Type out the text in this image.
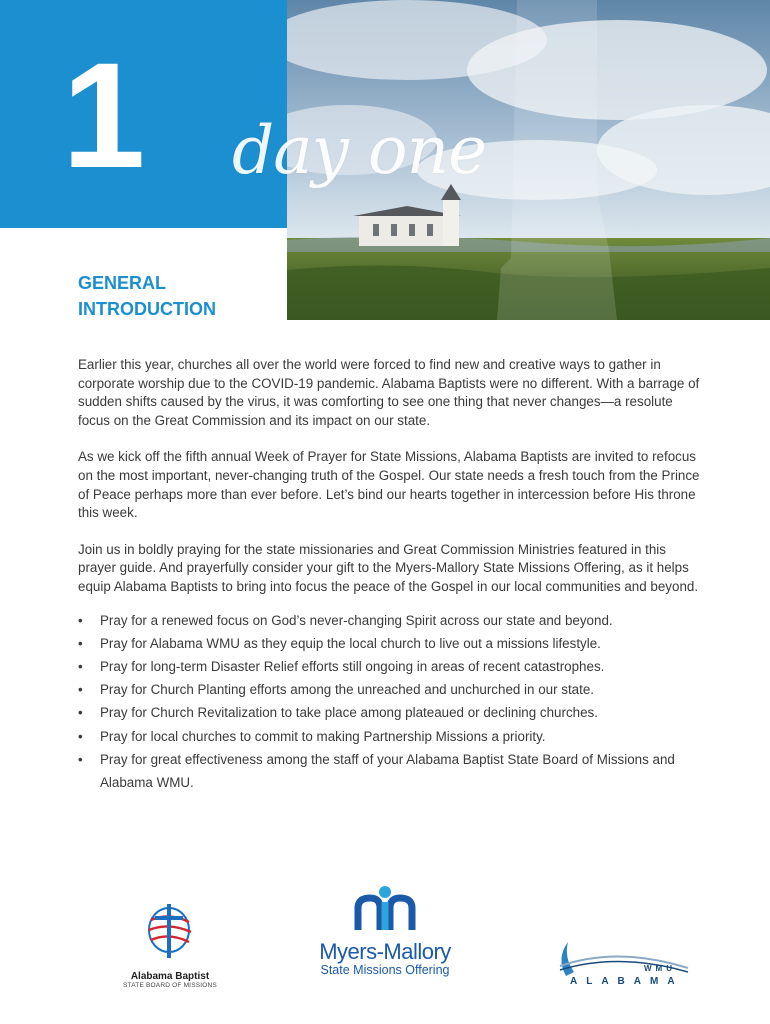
1 day one
GENERAL
INTRODUCTION

Earlier this year, churches all over the world were forced to find new and creative ways to gather in corporate worship due to the COVID-19 pandemic. Alabama Baptists were no different. With a barrage of sudden shifts caused by the virus, it was comforting to see one thing that never changes—a resolute focus on the Great Commission and its impact on our state.

As we kick off the fifth annual Week of Prayer for State Missions, Alabama Baptists are invited to refocus on the most important, never-changing truth of the Gospel. Our state needs a fresh touch from the Prince of Peace perhaps more than ever before. Let’s bind our hearts together in intercession before His throne this week.

Join us in boldly praying for the state missionaries and Great Commission Ministries featured in this prayer guide. And prayerfully consider your gift to the Myers-Mallory State Missions Offering, as it helps equip Alabama Baptists to bring into focus the peace of the Gospel in our local communities and beyond.

• Pray for a renewed focus on God’s never-changing Spirit across our state and beyond.
• Pray for Alabama WMU as they equip the local church to live out a missions lifestyle.
• Pray for long-term Disaster Relief efforts still ongoing in areas of recent catastrophes.
• Pray for Church Planting efforts among the unreached and unchurched in our state.
• Pray for Church Revitalization to take place among plateaued or declining churches.
• Pray for local churches to commit to making Partnership Missions a priority.
• Pray for great effectiveness among the staff of your Alabama Baptist State Board of Missions and Alabama WMU.
Alabama Baptist
STATE BOARD OF MISSIONS
Myers-Mallory
State Missions Offering	WMU
ALABAMA
